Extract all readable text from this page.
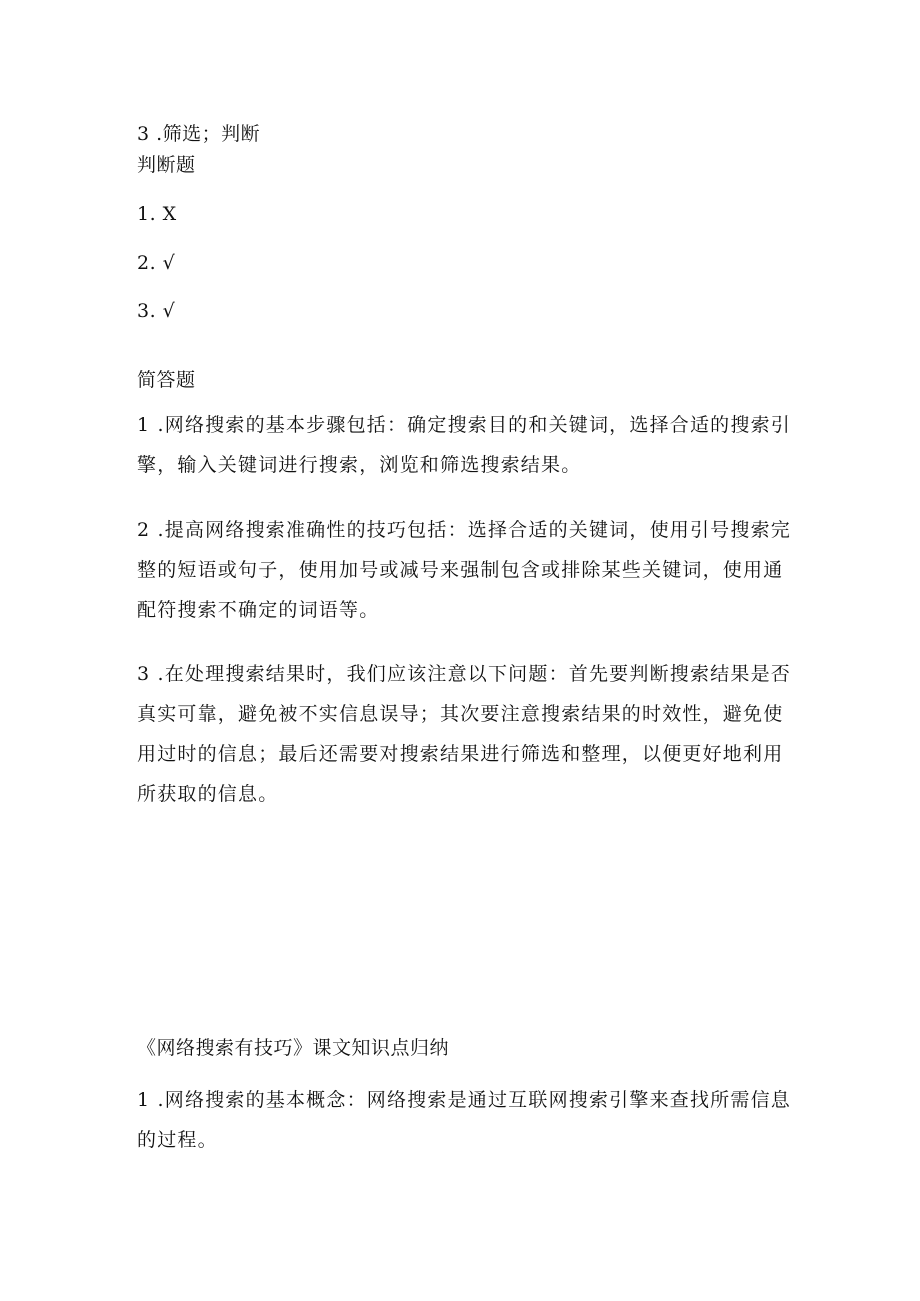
3 .筛选；判断
判断题
1. X
2. √
3. √
简答题
1 .网络搜索的基本步骤包括：确定搜索目的和关键词，选择合适的搜索引擎，输入关键词进行搜索，浏览和筛选搜索结果。
2 .提高网络搜索准确性的技巧包括：选择合适的关键词，使用引号搜索完整的短语或句子，使用加号或减号来强制包含或排除某些关键词，使用通配符搜索不确定的词语等。
3 .在处理搜索结果时，我们应该注意以下问题：首先要判断搜索结果是否真实可靠，避免被不实信息误导；其次要注意搜索结果的时效性，避免使用过时的信息；最后还需要对搜索结果进行筛选和整理，以便更好地利用所获取的信息。
《网络搜索有技巧》课文知识点归纳
1 .网络搜索的基本概念：网络搜索是通过互联网搜索引擎来查找所需信息的过程。
